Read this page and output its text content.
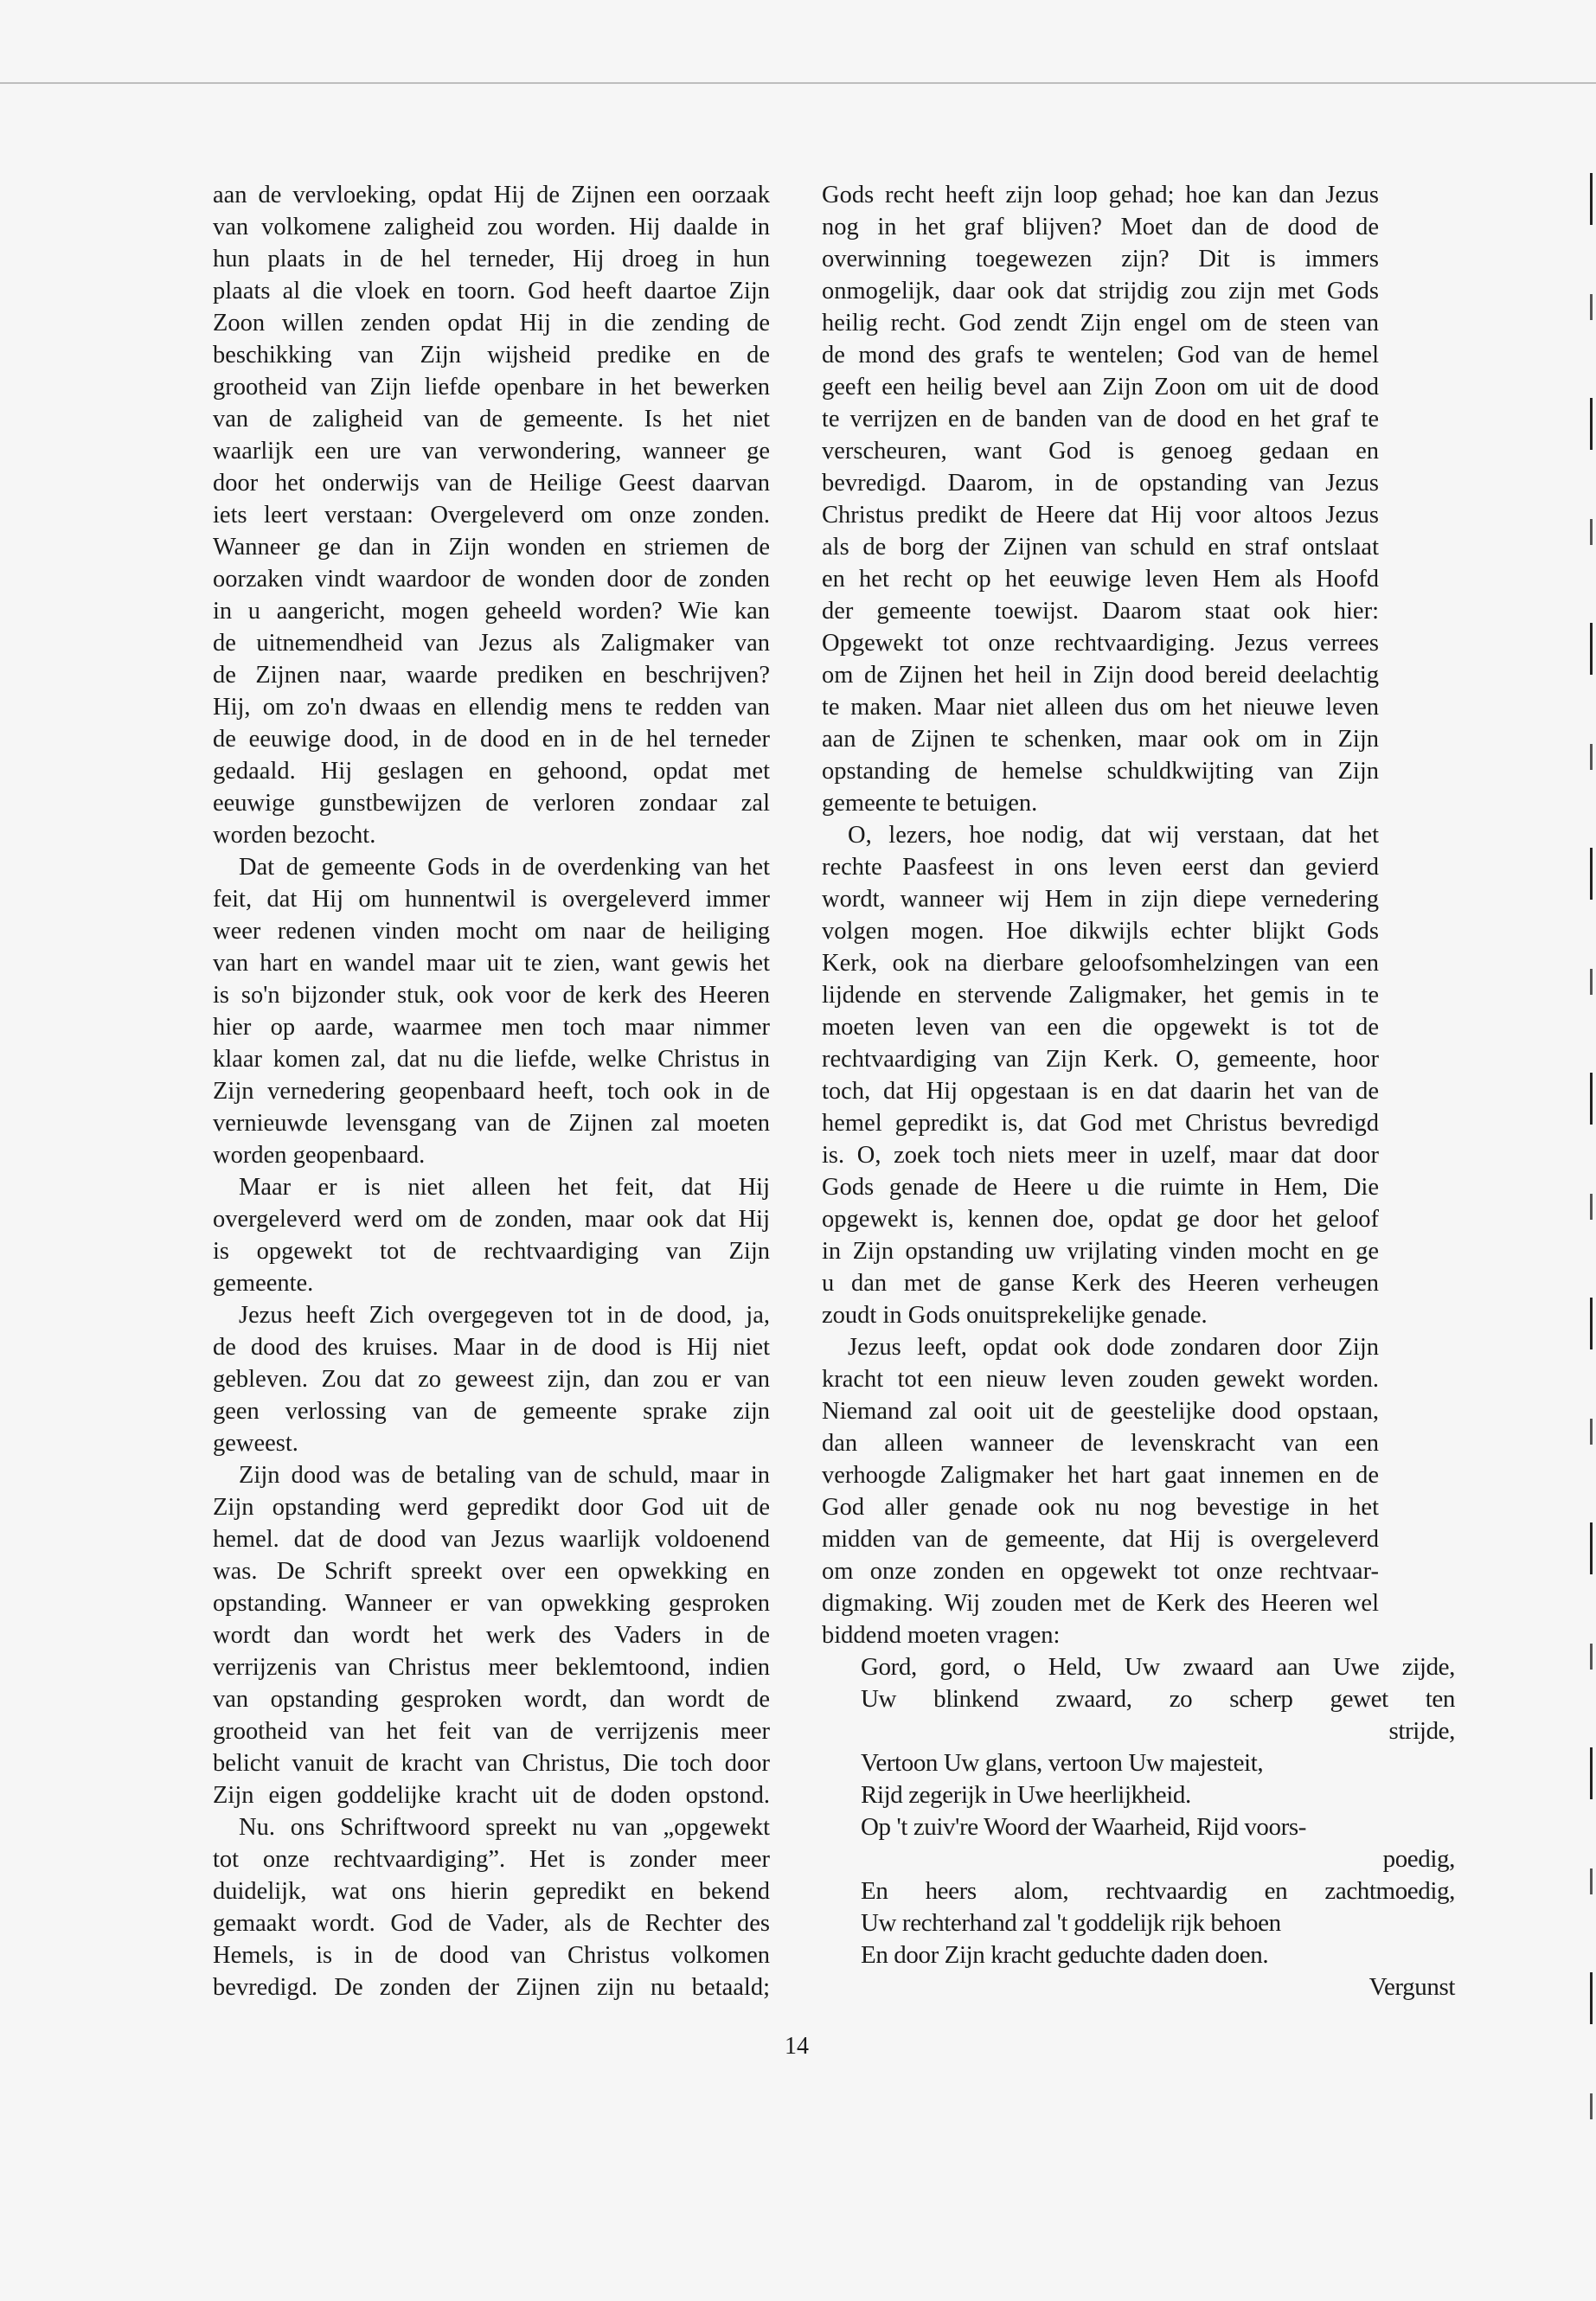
aan de vervloeking, opdat Hij de Zijnen een oorzaak
van volkomene zaligheid zou worden. Hij daalde in
hun plaats in de hel terneder, Hij droeg in hun
plaats al die vloek en toorn. God heeft daartoe Zijn
Zoon willen zenden opdat Hij in die zending de
beschikking van Zijn wijsheid predike en de
grootheid van Zijn liefde openbare in het bewerken
van de zaligheid van de gemeente. Is het niet
waarlijk een ure van verwondering, wanneer ge
door het onderwijs van de Heilige Geest daarvan
iets leert verstaan: Overgeleverd om onze zonden.
Wanneer ge dan in Zijn wonden en striemen de
oorzaken vindt waardoor de wonden door de zonden
in u aangericht, mogen geheeld worden? Wie kan
de uitnemendheid van Jezus als Zaligmaker van
de Zijnen naar, waarde prediken en beschrijven?
Hij, om zo'n dwaas en ellendig mens te redden van
de eeuwige dood, in de dood en in de hel terneder
gedaald. Hij geslagen en gehoond, opdat met
eeuwige gunstbewijzen de verloren zondaar zal
worden bezocht.
Dat de gemeente Gods in de overdenking van het
feit, dat Hij om hunnentwil is overgeleverd immer
weer redenen vinden mocht om naar de heiliging
van hart en wandel maar uit te zien, want gewis het
is so'n bijzonder stuk, ook voor de kerk des Heeren
hier op aarde, waarmee men toch maar nimmer
klaar komen zal, dat nu die liefde, welke Christus in
Zijn vernedering geopenbaard heeft, toch ook in de
vernieuwde levensgang van de Zijnen zal moeten
worden geopenbaard.
Maar er is niet alleen het feit, dat Hij
overgeleverd werd om de zonden, maar ook dat Hij
is opgewekt tot de rechtvaardiging van Zijn
gemeente.
Jezus heeft Zich overgegeven tot in de dood, ja,
de dood des kruises. Maar in de dood is Hij niet
gebleven. Zou dat zo geweest zijn, dan zou er van
geen verlossing van de gemeente sprake zijn
geweest.
Zijn dood was de betaling van de schuld, maar in
Zijn opstanding werd gepredikt door God uit de
hemel. dat de dood van Jezus waarlijk voldoenend
was. De Schrift spreekt over een opwekking en
opstanding. Wanneer er van opwekking gesproken
wordt dan wordt het werk des Vaders in de
verrijzenis van Christus meer beklemtoond, indien
van opstanding gesproken wordt, dan wordt de
grootheid van het feit van de verrijzenis meer
belicht vanuit de kracht van Christus, Die toch door
Zijn eigen goddelijke kracht uit de doden opstond.
Nu. ons Schriftwoord spreekt nu van „opgewekt
tot onze rechtvaardiging”. Het is zonder meer
duidelijk, wat ons hierin gepredikt en bekend
gemaakt wordt. God de Vader, als de Rechter des
Hemels, is in de dood van Christus volkomen
bevredigd. De zonden der Zijnen zijn nu betaald;
Gods recht heeft zijn loop gehad; hoe kan dan Jezus
nog in het graf blijven? Moet dan de dood de
overwinning toegewezen zijn? Dit is immers
onmogelijk, daar ook dat strijdig zou zijn met Gods
heilig recht. God zendt Zijn engel om de steen van
de mond des grafs te wentelen; God van de hemel
geeft een heilig bevel aan Zijn Zoon om uit de dood
te verrijzen en de banden van de dood en het graf te
verscheuren, want God is genoeg gedaan en
bevredigd. Daarom, in de opstanding van Jezus
Christus predikt de Heere dat Hij voor altoos Jezus
als de borg der Zijnen van schuld en straf ontslaat
en het recht op het eeuwige leven Hem als Hoofd
der gemeente toewijst. Daarom staat ook hier:
Opgewekt tot onze rechtvaardiging. Jezus verrees
om de Zijnen het heil in Zijn dood bereid deelachtig
te maken. Maar niet alleen dus om het nieuwe leven
aan de Zijnen te schenken, maar ook om in Zijn
opstanding de hemelse schuldkwijting van Zijn
gemeente te betuigen.
O, lezers, hoe nodig, dat wij verstaan, dat het
rechte Paasfeest in ons leven eerst dan gevierd
wordt, wanneer wij Hem in zijn diepe vernedering
volgen mogen. Hoe dikwijls echter blijkt Gods
Kerk, ook na dierbare geloofsomhelzingen van een
lijdende en stervende Zaligmaker, het gemis in te
moeten leven van een die opgewekt is tot de
rechtvaardiging van Zijn Kerk. O, gemeente, hoor
toch, dat Hij opgestaan is en dat daarin het van de
hemel gepredikt is, dat God met Christus bevredigd
is. O, zoek toch niets meer in uzelf, maar dat door
Gods genade de Heere u die ruimte in Hem, Die
opgewekt is, kennen doe, opdat ge door het geloof
in Zijn opstanding uw vrijlating vinden mocht en ge
u dan met de ganse Kerk des Heeren verheugen
zoudt in Gods onuitsprekelijke genade.
Jezus leeft, opdat ook dode zondaren door Zijn
kracht tot een nieuw leven zouden gewekt worden.
Niemand zal ooit uit de geestelijke dood opstaan,
dan alleen wanneer de levenskracht van een
verhoogde Zaligmaker het hart gaat innemen en de
God aller genade ook nu nog bevestige in het
midden van de gemeente, dat Hij is overgeleverd
om onze zonden en opgewekt tot onze rechtvaar-
digmaking. Wij zouden met de Kerk des Heeren wel
biddend moeten vragen:
Gord, gord, o Held, Uw zwaard aan Uwe zijde,
Uw blinkend zwaard, zo scherp gewet ten
strijde,
Vertoon Uw glans, vertoon Uw majesteit,
Rijd zegerijk in Uwe heerlijkheid.
Op 't zuiv're Woord der Waarheid, Rijd voors-
poedig,
En heers alom, rechtvaardig en zachtmoedig,
Uw rechterhand zal 't goddelijk rijk behoen
En door Zijn kracht geduchte daden doen.
Vergunst
14
